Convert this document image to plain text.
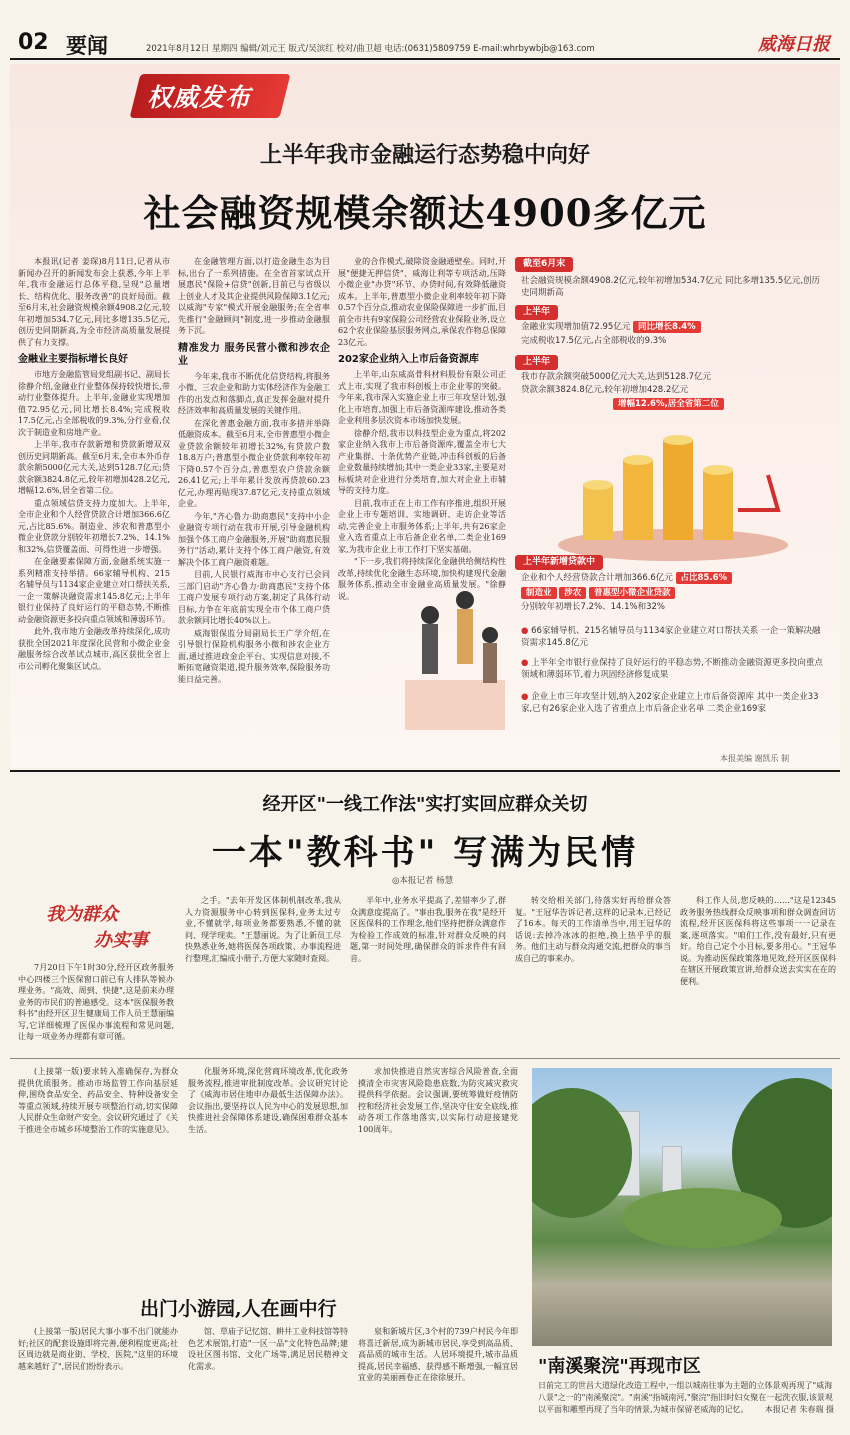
02 要闻	2021年8月12日 星期四 编辑/刘元王 版式/吴滨红 校对/曲卫超 电话:(0631)5809759 E-mail:whrbywbjb@163.com	威海日报
权威发布
上半年我市金融运行态势稳中向好
社会融资规模余额达4900多亿元

本报讯(记者 姜琛)8月11日,记者从市新闻办召开的新闻发布会上获悉,今年上半年,我市金融运行总体平稳,呈现"总量增长、结构优化、服务改善"的良好局面。截至6月末,社会融资规模余额4908.2亿元,较年初增加534.7亿元,同比多增135.5亿元,创历史同期新高,为全市经济高质量发展提供了有力支撑。

金融业主要指标增长良好

市地方金融监管局党组副书记、副局长徐静介绍,金融业行业整体保持较快增长,带动行业整体提升。上半年,金融业实现增加值72.95亿元,同比增长8.4%;完成税收17.5亿元,占全部税收的9.3%,分行业看,仅次于制造业和房地产业。

上半年,我市存款新增和贷款新增双双创历史同期新高。截至6月末,全市本外币存款余额5000亿元大关,达到5128.7亿元;贷款余额3824.8亿元,较年初增加428.2亿元,增幅12.6%,居全省第二位。

重点领域信贷支持力度加大。上半年,全市企业和个人经营贷款合计增加366.6亿元,占比85.6%。制造业、涉农和普惠型小微企业贷款分别较年初增长7.2%、14.1%和32%,信贷覆盖面、可得性进一步增强。

在金融要素保障方面,金融系统实施一系列精准支持举措。66家辅导机构、215名辅导员与1134家企业建立对口帮扶关系,一企一策解决融资需求145.8亿元;上半年银行业保持了良好运行的平稳态势,不断推动金融资源更多投向重点领域和薄弱环节。

此外,我市地方金融改革持续深化,成功获批全国2021年度深化民营和小微企业金融服务综合改革试点城市,高区获批全省上市公司孵化聚集区试点。

在金融管理方面,以打造金融生态为目标,出台了一系列措施。在全省首家试点开展惠民"保险+信贷"创新,目前已与省级以上创业人才及其企业提供风险保障3.1亿元;以威海"专家"模式开展金融服务;在全省率先推行"金融顾问"制度,进一步推动金融服务下沉。

精准发力 服务民营小微和涉农企业

今年来,我市不断优化信贷结构,将服务小微、三农企业和助力实体经济作为金融工作的出发点和落脚点,真正发挥金融对提升经济效率和高质量发展的关键作用。

在深化普惠金融方面,我市多措并举降低融资成本。截至6月末,全市普惠型小微企业贷款余额较年初增长32%,有贷款户数18.8万户;普惠型小微企业贷款利率较年初下降0.57个百分点,普惠型农户贷款余额26.41亿元;上半年累计发放再贷款60.23亿元,办理再贴现37.87亿元,支持重点领域企业。

今年,"齐心鲁力·助商惠民"支持中小企业融资专项行动在我市开展,引导金融机构加强个体工商户金融服务,开展"助商惠民服务行"活动,累计支持个体工商户融资,有效解决个体工商户融资难题。

目前,人民银行威海市中心支行已会同三部门启动"齐心鲁力·助商惠民"支持个体工商户发展专项行动方案,制定了具体行动目标,力争在年底前实现全市个体工商户贷款余额同比增长40%以上。

威海银保监分局副局长王广学介绍,在引导银行保险机构服务小微和涉农企业方面,通过推进政金企平台、实现信息对接,不断拓宽融资渠道,提升服务效率,保险服务功能日益完善。

业的合作模式,破除资金融通壁垒。同时,开展"便捷无押信贷"、威海让利等专项活动,压降小微企业"办贷"环节、办贷时间,有效降低融资成本。上半年,普惠型小微企业利率较年初下降0.57个百分点,推动农业保险保障进一步扩面,目前全市共有9家保险公司经营农业保险业务,设立62个农业保险基层服务网点,承保农作物总保障23亿元。

202家企业纳入上市后备资源库

上半年,山东威高骨科材料股份有限公司正式上市,实现了我市科创板上市企业零的突破。今年来,我市深入实施企业上市三年攻坚计划,强化上市培育,加强上市后备资源库建设,推动各类企业利用多层次资本市场加快发展。

徐静介绍,我市以科技型企业为重点,将202家企业纳入我市上市后备资源库,覆盖全市七大产业集群、十条优势产业链,冲击科创板的后备企业数量持续增加;其中一类企业33家,主要是对标板块对企业进行分类培育,加大对企业上市辅导的支持力度。

目前,我市正在上市工作有序推进,组织开展企业上市专题培训、实地调研、走访企业等活动,完善企业上市服务体系;上半年,共有26家企业入选省重点上市后备企业名单,二类企业169家,为我市企业上市工作打下坚实基础。

"下一步,我们将持续深化金融供给侧结构性改革,持续优化金融生态环境,加快构建现代金融服务体系,推动全市金融业高质量发展。"徐静说。

截至6月末
社会融资规模余额4908.2亿元,较年初增加534.7亿元 同比多增135.5亿元,创历史同期新高
上半年
金融业实现增加值72.95亿元 同比增长8.4%
完成税收17.5亿元,占全部税收的9.3%
上半年
我市存款余额突破5000亿元大关,达到5128.7亿元
贷款余额3824.8亿元,较年初增加428.2亿元
增幅12.6%,居全省第二位
上半年新增贷款中
企业和个人经营贷款合计增加366.6亿元 占比85.6%
制造业 涉农 普惠型小微企业贷款
分别较年初增长7.2%、14.1%和32%
● 66家辅导机、215名辅导员与1134家企业建立对口帮扶关系 一企一策解决融资需求145.8亿元
● 上半年全市银行业保持了良好运行的平稳态势,不断推动金融资源更多投向重点领域和薄弱环节,着力巩固经济修复成果
● 企业上市三年攻坚计划,纳入202家企业建立上市后备资源库 其中一类企业33家,已有26家企业入选了省重点上市后备企业名单 二类企业169家
本报美编 谢凯乐 制
经开区"一线工作法"实打实回应群众关切
一本"教科书" 写满为民情
◎本报记者 杨慧
我为群众
办实事

7月20日下午1时30分,经开区政务服务中心四楼三个医保窗口前已有人排队等候办理业务。"高效、周到、快捷",这是前来办理业务的市民们的普遍感受。这本"医保服务教科书"由经开区卫生健康局工作人员王慧丽编写,它详细梳理了医保办事流程和常见问题,让每一项业务办理都有章可循。

之手。"去年开发区体制机制改革,我从人力资源服务中心转到医保科,业务太过专业,不懂就学,每项业务都要熟悉,不懂的就问、现学现卖。"王慧丽说。为了让新员工尽快熟悉业务,她将医保各项政策、办事流程进行整理,汇编成小册子,方便大家随时查阅。

半年中,业务水平提高了,差错率少了,群众满意度提高了。"事由我,服务在我"是经开区医保科的工作理念,他们坚持把群众满意作为检验工作成效的标准,针对群众反映的问题,第一时间处理,确保群众的诉求件件有回音。

转交给相关部门,待落实好再给群众答复。"王冠华告诉记者,这样的记录本,已经记了16本。每天的工作清单当中,用王冠华的话说:去掉冷冰冰的拒绝,换上热乎乎的服务。他们主动与群众沟通交流,把群众的事当成自己的事来办。

科工作人员,您反映的……"这是12345政务服务热线群众反映事项和群众调查回访流程,经开区医保科将这些事项一一记录在案,逐项落实。"咱们工作,没有最好,只有更好。给自己定个小目标,要多用心。"王冠华说。为推动医保政策落地见效,经开区医保科在辖区开展政策宣讲,给群众送去实实在在的便利。

(上接第一版)要求转入准确保存,为群众提供优质服务。推动市场监管工作向基层延伸,围绕食品安全、药品安全、特种设备安全等重点领域,持续开展专项整治行动,切实保障人民群众生命财产安全。会议研究通过了《关于推进全市城乡环境整治工作的实施意见》。

化服务环境,深化营商环境改革,优化政务服务流程,推进审批制度改革。会议研究讨论了《威海市居住地申办最低生活保障办法》。会议指出,要坚持以人民为中心的发展思想,加快推进社会保障体系建设,确保困难群众基本生活。

求加快推进自然灾害综合风险普查,全面摸清全市灾害风险隐患底数,为防灾减灾救灾提供科学依据。会议强调,要统筹做好疫情防控和经济社会发展工作,坚决守住安全底线,推动各项工作落地落实,以实际行动迎接建党100周年。

出门小游园,人在画中行

(上接第一版)居民大事小事不出门就能办好;社区的配套设施即将完善,便利程度更高;社区周边就是商业街、学校、医院,"这里的环境越来越好了",居民们纷纷表示。

馆、草庙子记忆馆、耕井工业科技馆等特色艺术展馆,打造"一区一品"文化特色品牌;建设社区图书馆、文化广场等,满足居民精神文化需求。

泉和新城片区,3个村的739户村民今年即将喜迁新居,成为新城市居民,享受到高品质、高品质的城市生活。人居环境提升,城市品质提高,居民幸福感、获得感不断增强,一幅宜居宜业的美丽画卷正在徐徐展开。

"南溪聚浣"再现市区
日前完工的世昌大道绿化改造工程中,一组以城南往事为主题的立体景观再现了"威海八景"之一的"南溪聚浣"。"南溪"指城南河,"聚浣"指旧时妇女聚在一起洗衣服,该景观以平面和雕塑再现了当年的情景,为城市保留老威海的记忆。 本报记者 朱春瑞 摄
